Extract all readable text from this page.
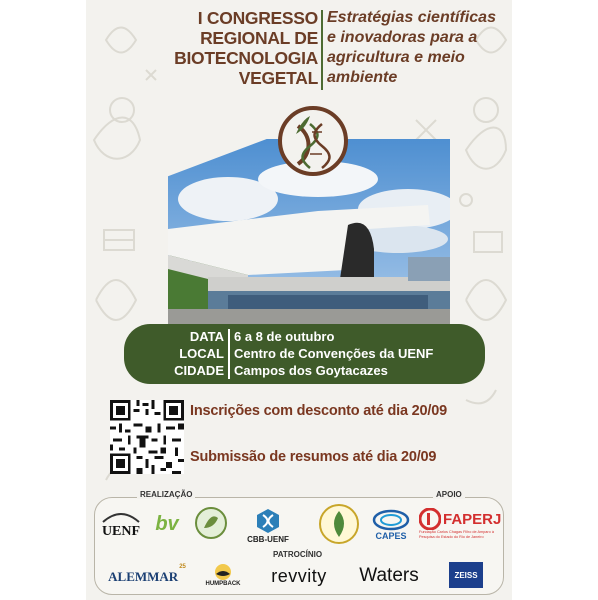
I CONGRESSO
REGIONAL DE
BIOTECNOLOGIA
VEGETAL
Estratégias científicas
e inovadoras para a
agricultura e meio
ambiente
DATA 6 a 8 de outubro
LOCAL Centro de Convenções da UENF
CIDADE Campos dos Goytacazes
Inscrições com desconto até dia 20/09
Submissão de resumos até dia 20/09
REALIZAÇÃO	APOIO
PATROCÍNIO
UENF bv
CBB-UENF	CAPES
FAPERJ
Fundação Carlos Chagas Filho de Amparo à Pesquisa do Estado do Rio de Janeiro
ALEMMAR
25
HUMPBACK revvity Waters	ZEISS
